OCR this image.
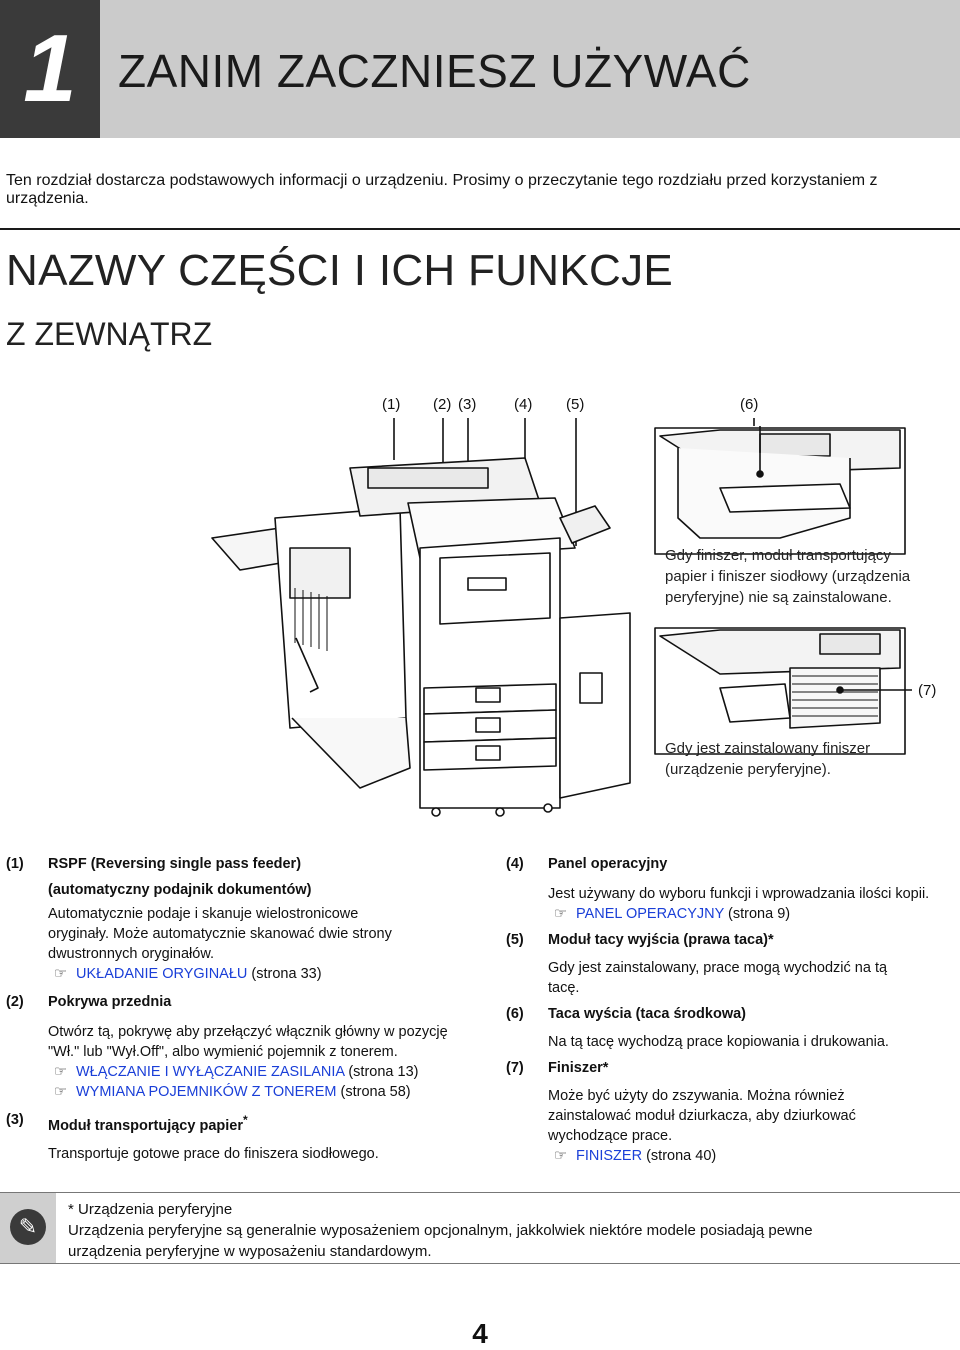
1 ZANIM ZACZNIESZ UŻYWAĆ
Ten rozdział dostarcza podstawowych informacji o urządzeniu. Prosimy o przeczytanie tego rozdziału przed korzystaniem z urządzenia.
NAZWY CZĘŚCI I ICH FUNKCJE
Z ZEWNĄTRZ
(1) (2) (3)	(4) (5)	(6)
(7)
Gdy finiszer, moduł transportujący
papier i finiszer siodłowy (urządzenia
peryferyjne) nie są zainstalowane.
Gdy jest zainstalowany finiszer
(urządzenie peryferyjne).
(1) RSPF (Reversing single pass feeder)
(automatyczny podajnik dokumentów)
Automatycznie podaje i skanuje wielostronicowe
oryginały. Może automatycznie skanować dwie strony
dwustronnych oryginałów.
☞ UKŁADANIE ORYGINAŁU (strona 33)
(2) Pokrywa przednia
Otwórz tą, pokrywę aby przełączyć włącznik główny w pozycję
"Wł." lub "Wył.Off", albo wymienić pojemnik z tonerem.
☞ WŁĄCZANIE I WYŁĄCZANIE ZASILANIA (strona 13)
☞ WYMIANA POJEMNIKÓW Z TONEREM (strona 58)
(3) Moduł transportujący papier*
Transportuje gotowe prace do finiszera siodłowego.
(4) Panel operacyjny
Jest używany do wyboru funkcji i wprowadzania ilości kopii.
☞ PANEL OPERACYJNY (strona 9)
(5) Moduł tacy wyjścia (prawa taca)*
Gdy jest zainstalowany, prace mogą wychodzić na tą
tacę.
(6) Taca wyścia (taca środkowa)
Na tą tacę wychodzą prace kopiowania i drukowania.
(7) Finiszer*
Może być użyty do zszywania. Można również
zainstalować moduł dziurkacza, aby dziurkować
wychodzące prace.
☞ FINISZER (strona 40)
✎
* Urządzenia peryferyjne
Urządzenia peryferyjne są generalnie wyposażeniem opcjonalnym, jakkolwiek niektóre modele posiadają pewne
urządzenia peryferyjne w wyposażeniu standardowym.
4
